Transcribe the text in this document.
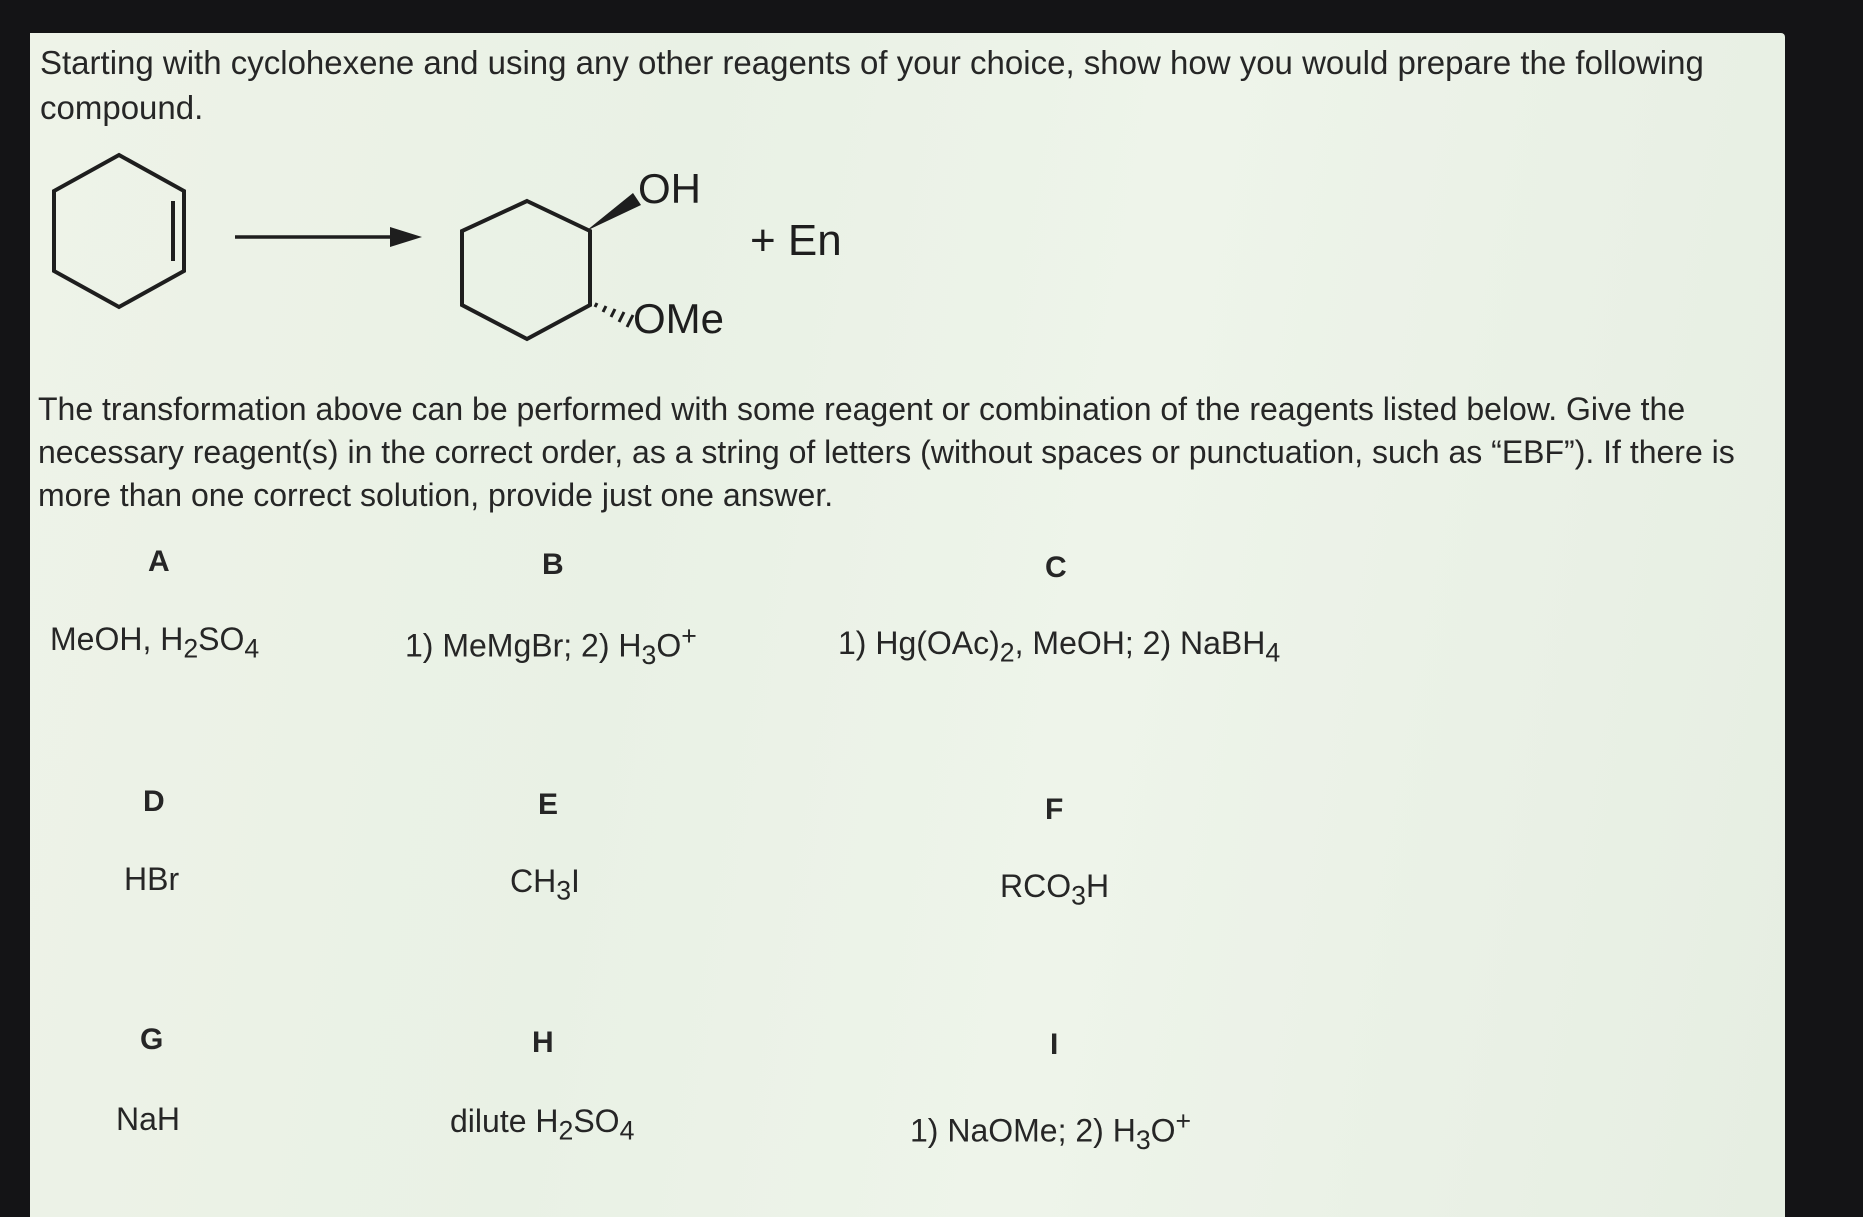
Starting with cyclohexene and using any other reagents of your choice, show how you would prepare the following
compound.
OH
OMe
+ En
The transformation above can be performed with some reagent or combination of the reagents listed below. Give the
necessary reagent(s) in the correct order, as a string of letters (without spaces or punctuation, such as “EBF”). If there is
more than one correct solution, provide just one answer.
A
MeOH, $H_2SO_4$
B
1) MeMgBr; 2) $H_3O^+$
C
1) $Hg(OAc)_2$, MeOH; 2) NaBH$_4$
D
HBr
E
$CH_3I$
F
$RCO_3H$
G
NaH
H
dilute $H_2SO_4$
I
1) NaOMe; 2) $H_3O^+$
